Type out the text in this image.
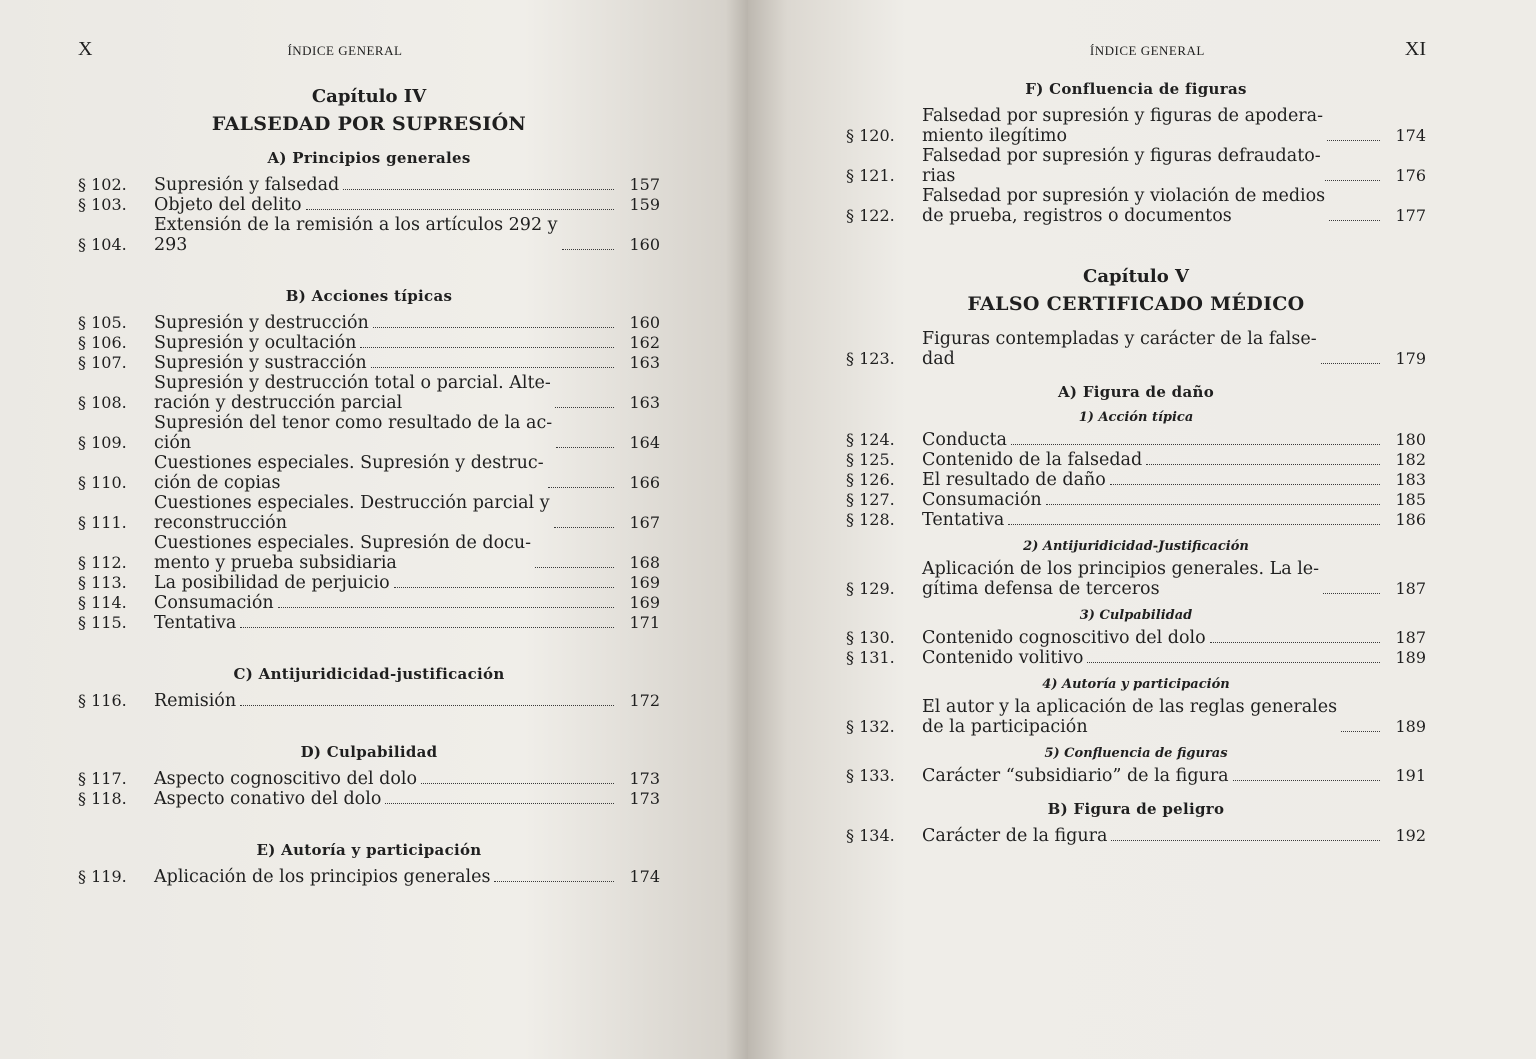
X	ÍNDICE GENERAL
Capítulo IV
FALSEDAD POR SUPRESIÓN
A) Principios generales
§ 102.	Supresión y falsedad	157
§ 103.	Objeto del delito	159
§ 104.
Extensión de la remisión a los artículos 292 y
293	160
B) Acciones típicas
§ 105.	Supresión y destrucción	160
§ 106.	Supresión y ocultación	162
§ 107.	Supresión y sustracción	163
§ 108.
Supresión y destrucción total o parcial. Alte-
ración y destrucción parcial	163
§ 109.
Supresión del tenor como resultado de la ac-
ción	164
§ 110.
Cuestiones especiales. Supresión y destruc-
ción de copias	166
§ 111.
Cuestiones especiales. Destrucción parcial y
reconstrucción	167
§ 112.
Cuestiones especiales. Supresión de docu-
mento y prueba subsidiaria	168
§ 113.	La posibilidad de perjuicio	169
§ 114.	Consumación	169
§ 115.	Tentativa	171
C) Antijuridicidad-justificación
§ 116.	Remisión	172
D) Culpabilidad
§ 117.	Aspecto cognoscitivo del dolo	173
§ 118.	Aspecto conativo del dolo	173
E) Autoría y participación
§ 119.	Aplicación de los principios generales	174
ÍNDICE GENERAL	XI
F) Confluencia de figuras
§ 120.
Falsedad por supresión y figuras de apodera-
miento ilegítimo	174
§ 121.
Falsedad por supresión y figuras defraudato-
rias	176
§ 122.
Falsedad por supresión y violación de medios
de prueba, registros o documentos	177
Capítulo V
FALSO CERTIFICADO MÉDICO
§ 123.
Figuras contempladas y carácter de la false-
dad	179
A) Figura de daño
1) Acción típica
§ 124.	Conducta	180
§ 125.	Contenido de la falsedad	182
§ 126.	El resultado de daño	183
§ 127.	Consumación	185
§ 128.	Tentativa	186
2) Antijuridicidad-Justificación
§ 129.
Aplicación de los principios generales. La le-
gítima defensa de terceros	187
3) Culpabilidad
§ 130.	Contenido cognoscitivo del dolo	187
§ 131.	Contenido volitivo	189
4) Autoría y participación
§ 132.
El autor y la aplicación de las reglas generales
de la participación	189
5) Confluencia de figuras
§ 133.	Carácter “subsidiario” de la figura	191
B) Figura de peligro
§ 134.	Carácter de la figura	192
